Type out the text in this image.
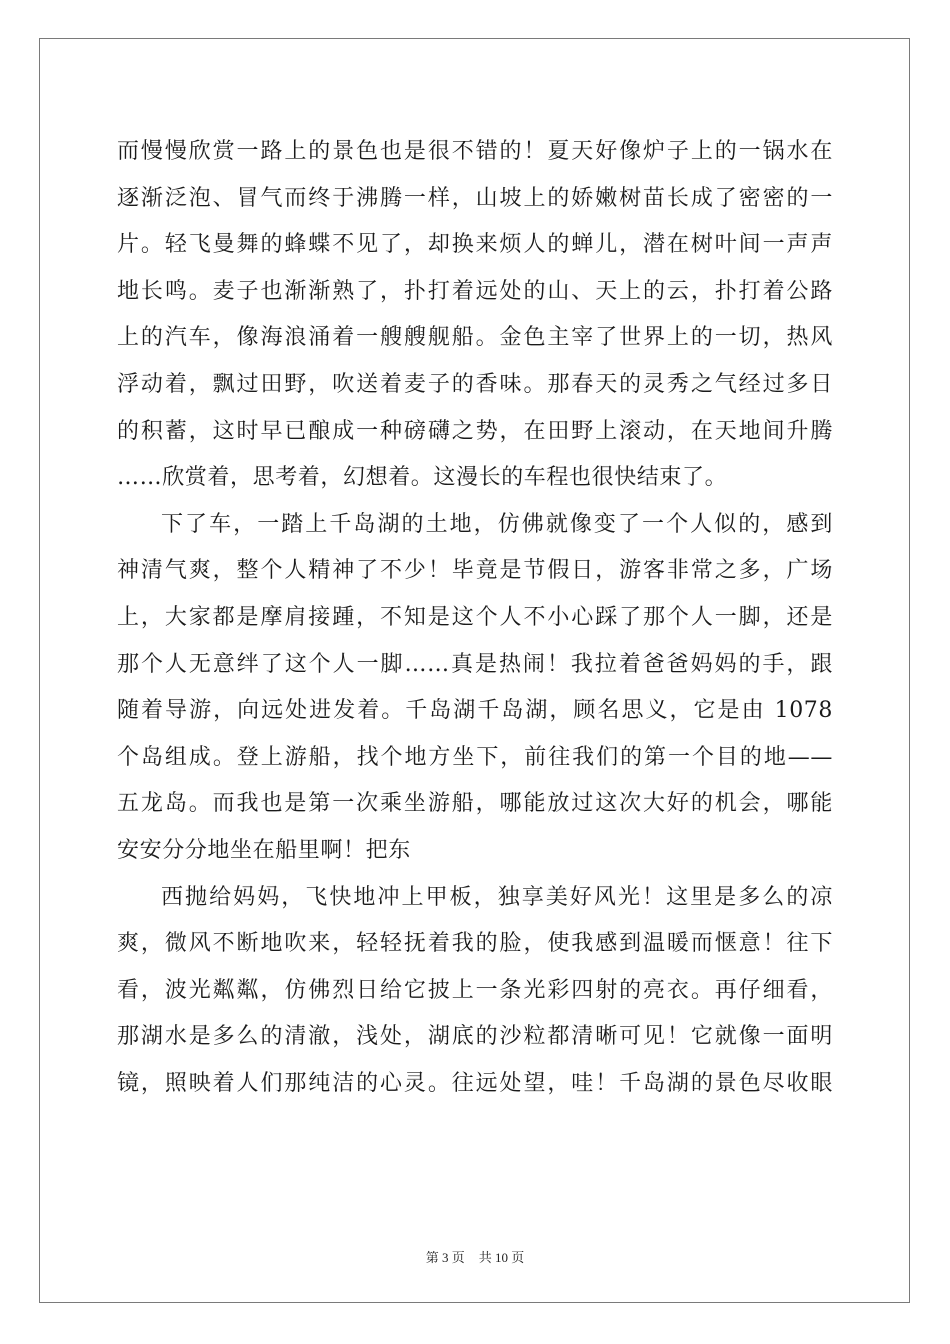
而慢慢欣赏一路上的景色也是很不错的！夏天好像炉子上的一锅水在
逐渐泛泡、冒气而终于沸腾一样，山坡上的娇嫩树苗长成了密密的一
片。轻飞曼舞的蜂蝶不见了，却换来烦人的蝉儿，潜在树叶间一声声
地长鸣。麦子也渐渐熟了，扑打着远处的山、天上的云，扑打着公路
上的汽车，像海浪涌着一艘艘舰船。金色主宰了世界上的一切，热风
浮动着，飘过田野，吹送着麦子的香味。那春天的灵秀之气经过多日
的积蓄，这时早已酿成一种磅礴之势，在田野上滚动，在天地间升腾
……欣赏着，思考着，幻想着。这漫长的车程也很快结束了。
下了车，一踏上千岛湖的土地，仿佛就像变了一个人似的，感到
神清气爽，整个人精神了不少！毕竟是节假日，游客非常之多，广场
上，大家都是摩肩接踵，不知是这个人不小心踩了那个人一脚，还是
那个人无意绊了这个人一脚……真是热闹！我拉着爸爸妈妈的手，跟
随着导游，向远处进发着。千岛湖千岛湖，顾名思义，它是由 1078
个岛组成。登上游船，找个地方坐下，前往我们的第一个目的地——
五龙岛。而我也是第一次乘坐游船，哪能放过这次大好的机会，哪能
安安分分地坐在船里啊！把东
西抛给妈妈，飞快地冲上甲板，独享美好风光！这里是多么的凉
爽，微风不断地吹来，轻轻抚着我的脸，使我感到温暖而惬意！往下
看，波光粼粼，仿佛烈日给它披上一条光彩四射的亮衣。再仔细看，
那湖水是多么的清澈，浅处，湖底的沙粒都清晰可见！它就像一面明
镜，照映着人们那纯洁的心灵。往远处望，哇！千岛湖的景色尽收眼
第 3 页 共 10 页
